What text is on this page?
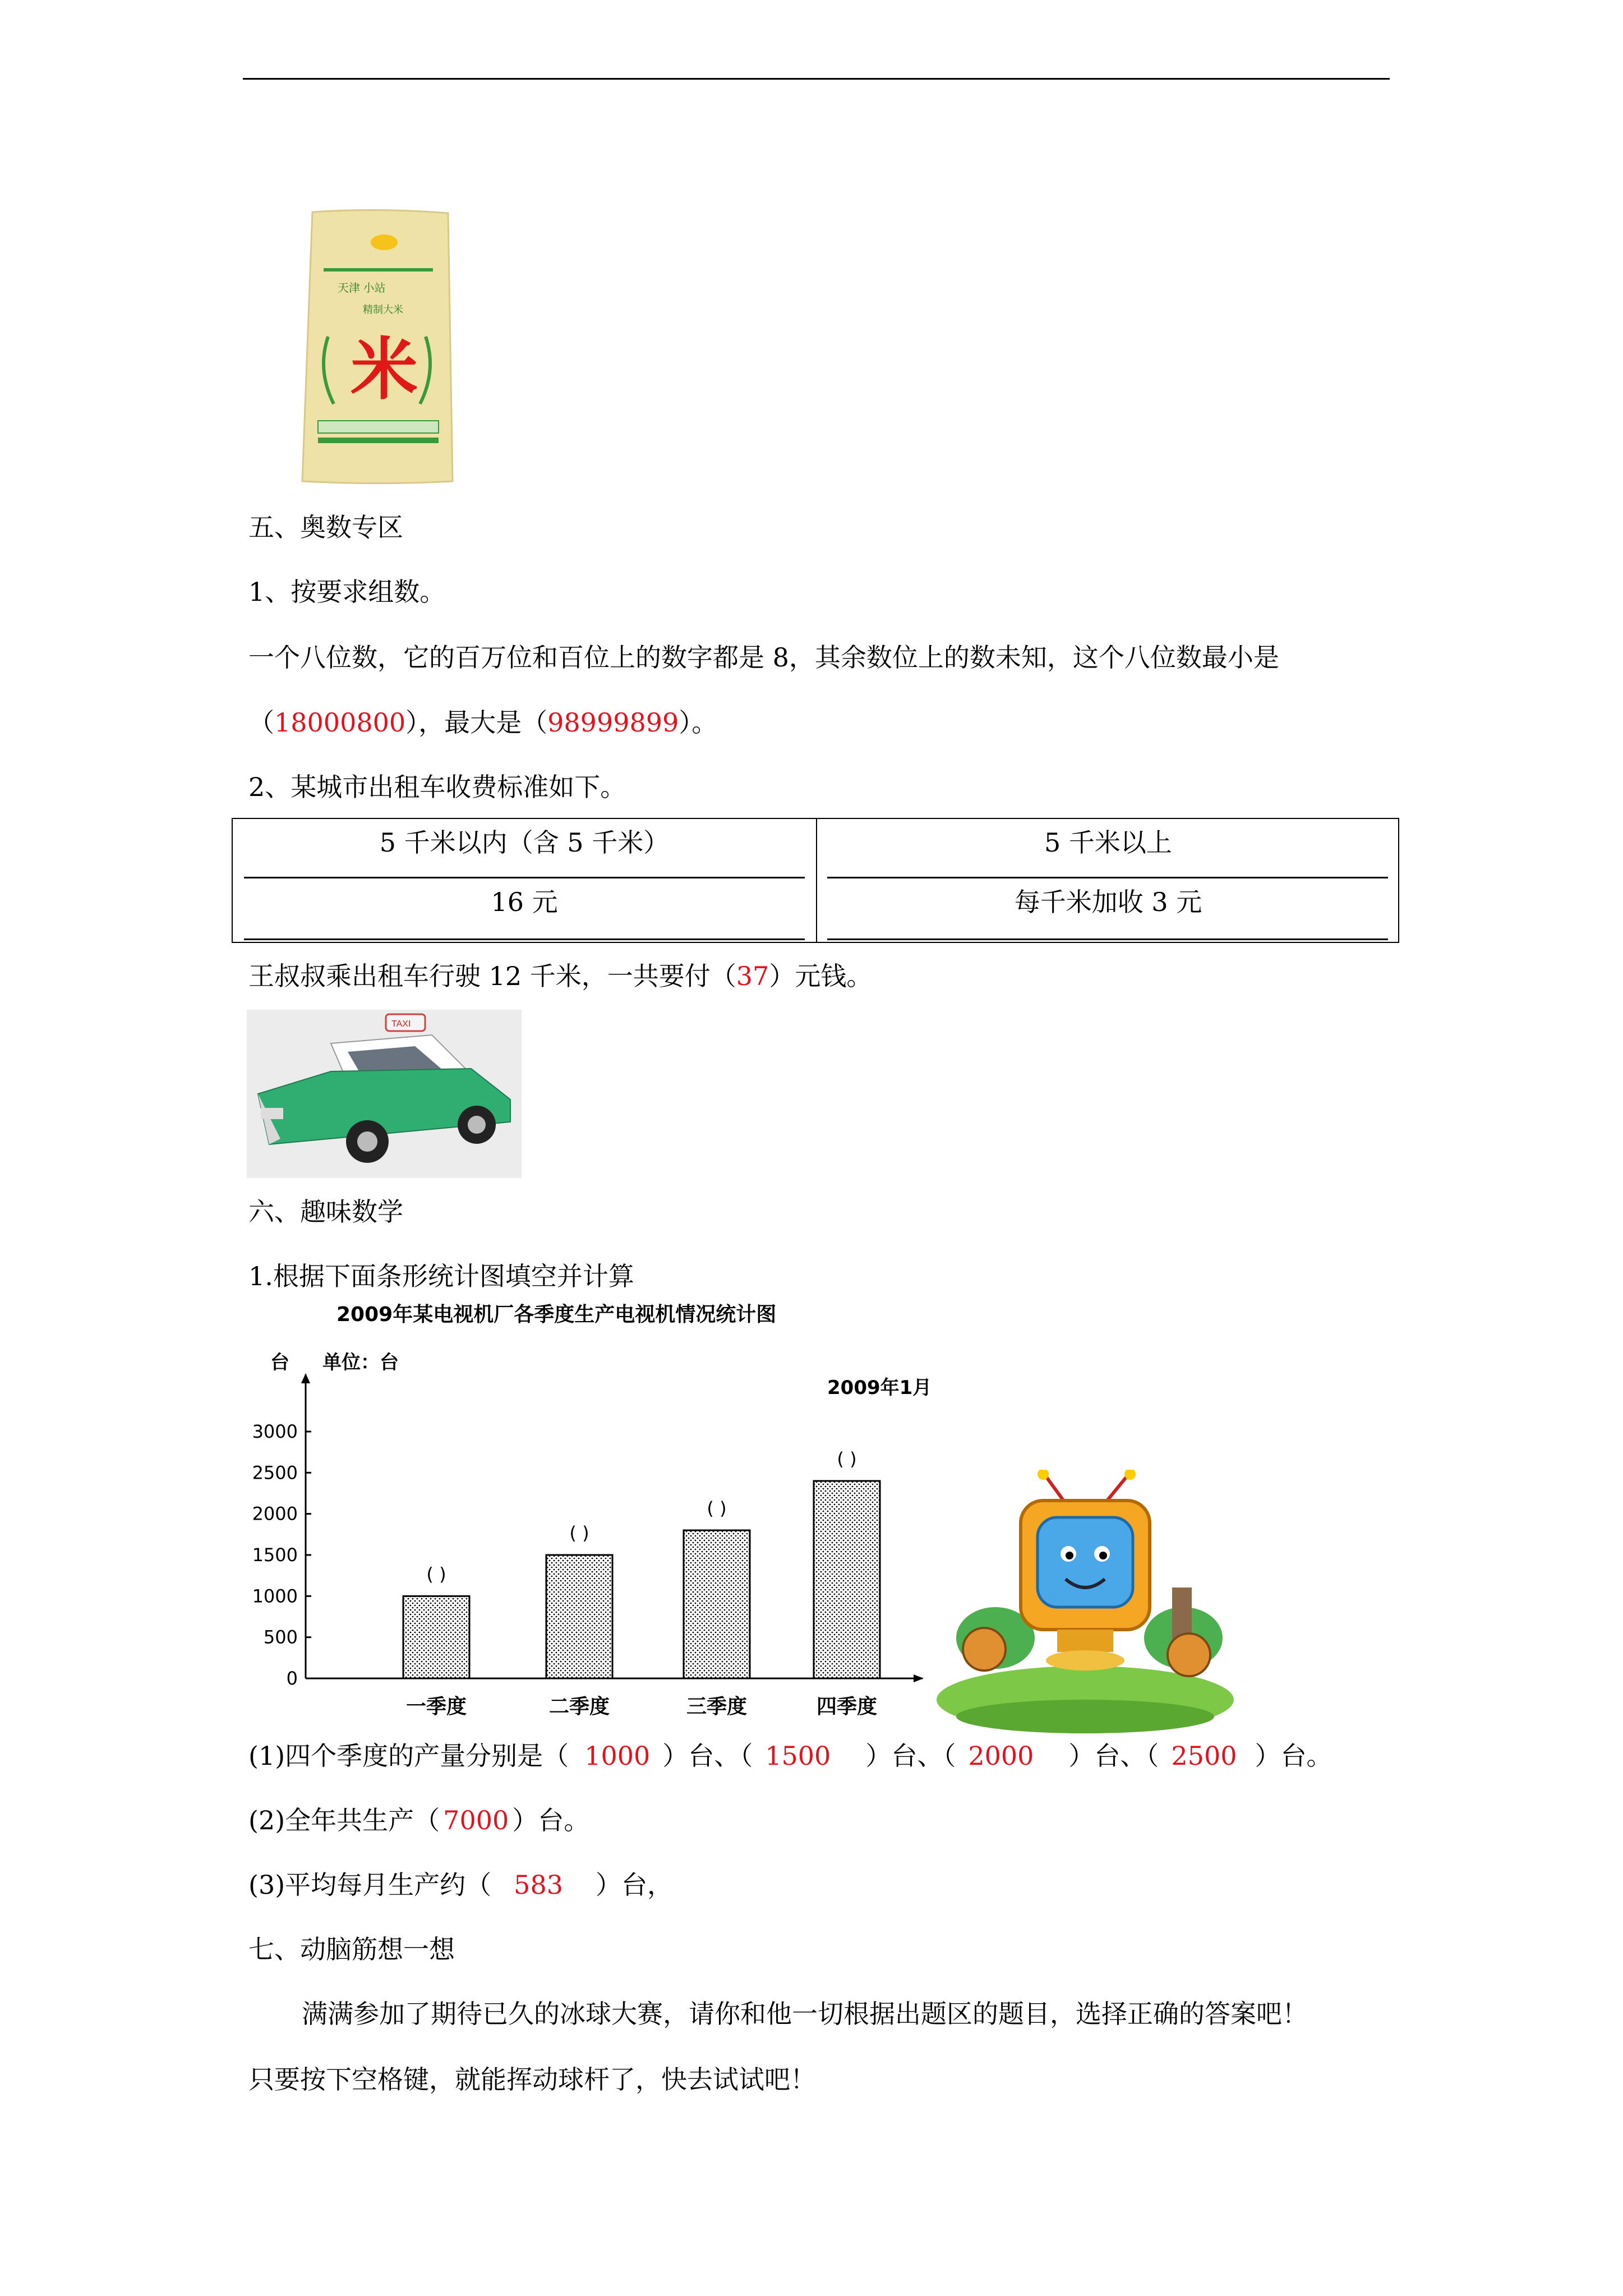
天津 小站
精制大米
米
五、奥数专区
1、按要求组数。
一个八位数，它的百万位和百位上的数字都是 8，其余数位上的数未知，这个八位数最小是
（18000800），最大是（98999899）。
2、某城市出租车收费标准如下。
5 千米以内（含 5 千米）	5 千米以上
16 元	每千米加收 3 元
王叔叔乘出租车行驶 12 千米，一共要付（37）元钱。
TAXI
六、趣味数学
1.根据下面条形统计图填空并计算
2009年某电视机厂各季度生产电视机情况统计图
台 单位：台
2009年1月
0
500
1000
1500
2000
2500
3000
( )
一季度
( )
二季度
( )
三季度
( )
四季度
(1)四个季度的产量分别是（ 1000 ）台、（ 1500 ）台、（ 2000 ）台、（ 2500 ）台。
(2)全年共生产（ 7000 ）台。
(3)平均每月生产约（ 583 ）台，
七、动脑筋想一想
满满参加了期待已久的冰球大赛，请你和他一切根据出题区的题目，选择正确的答案吧！
只要按下空格键，就能挥动球杆了，快去试试吧！
